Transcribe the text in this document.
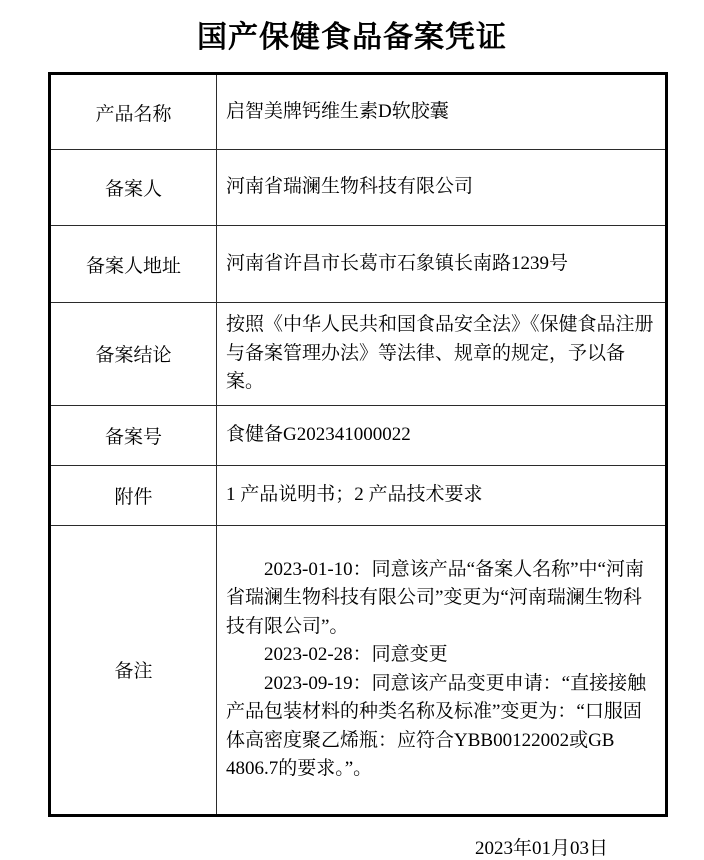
国产保健食品备案凭证
产品名称	启智美牌钙维生素D软胶囊
备案人	河南省瑞澜生物科技有限公司
备案人地址	河南省许昌市长葛市石象镇长南路1239号
备案结论	按照《中华人民共和国食品安全法》《保健食品注册与备案管理办法》等法律、规章的规定，予以备案。
备案号	食健备G202341000022
附件	1 产品说明书；2 产品技术要求
备注	2023-01-10：同意该产品“备案人名称”中“河南省瑞澜生物科技有限公司”变更为“河南瑞澜生物科技有限公司”。

2023-02-28：同意变更

2023-09-19：同意该产品变更申请：“直接接触产品包装材料的种类名称及标准”变更为：“口服固体高密度聚乙烯瓶：应符合YBB00122002或GB 4806.7的要求。”。

2023年01月03日
